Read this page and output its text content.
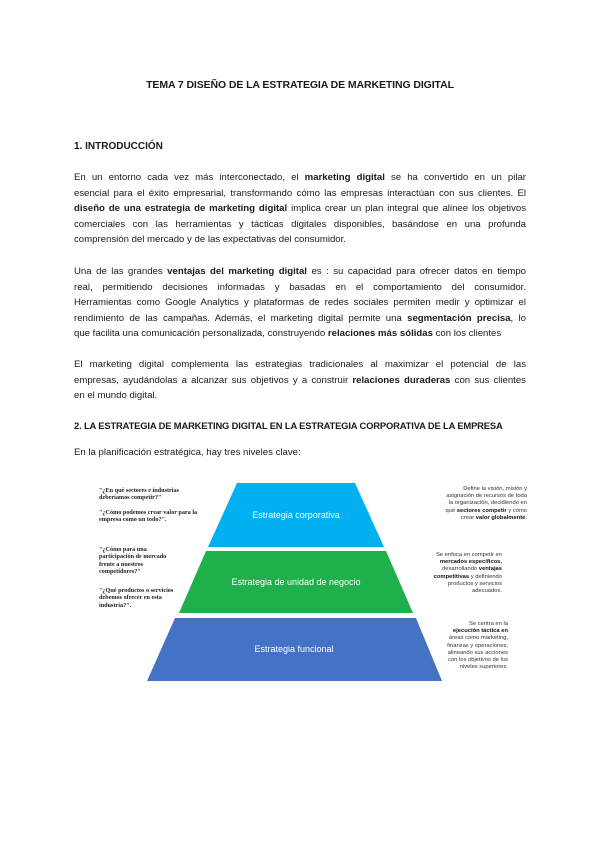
TEMA 7 DISEÑO DE LA ESTRATEGIA DE MARKETING DIGITAL
1. INTRODUCCIÓN
En un entorno cada vez más interconectado, el marketing digital se ha convertido en un pilar
esencial para el éxito empresarial, transformando cómo las empresas interactúan con sus clientes. El
diseño de una estrategia de marketing digital implica crear un plan integral que alinee los objetivos
comerciales con las herramientas y tácticas digitales disponibles, basándose en una profunda
comprensión del mercado y de las expectativas del consumidor.
Una de las grandes ventajas del marketing digital es : su capacidad para ofrecer datos en tiempo
real, permitiendo decisiones informadas y basadas en el comportamiento del consumidor.
Herramientas como Google Analytics y plataformas de redes sociales permiten medir y optimizar el
rendimiento de las campañas. Además, el marketing digital permite una segmentación precisa, lo
que facilita una comunicación personalizada, construyendo relaciones más sólidas con los clientes
El marketing digital complementa las estrategias tradicionales al maximizar el potencial de las
empresas, ayudándolas a alcanzar sus objetivos y a construir relaciones duraderas con sus clientes
en el mundo digital.
2. LA ESTRATEGIA DE MARKETING DIGITAL EN LA ESTRATEGIA CORPORATIVA DE LA EMPRESA
En la planificación estratégica, hay tres niveles clave:
Estrategia corporativa
Estrategia de unidad de negocio
Estrategia funcional
"¿En qué sectores e industrias
deberíamos competir?"
"¿Cómo podemos crear valor para la
empresa como un todo?".
"¿Cómo para una
participación de mercado
frente a nuestros
competidores?"
"¿Qué productos o servicios
debemos ofrecer en esta
industria?".
Define la visión, misión y
asignación de recursos de toda
la organización, decidiendo en
qué sectores competir y cómo
crear valor globalmente.
Se enfoca en competir en
mercados específicos,
desarrollando ventajas
competitivas y definiendo
productos y servicios
adecuados.
Se centra en la
ejecución táctica en
áreas como marketing,
finanzas y operaciones,
alineando sus acciones
con los objetivos de los
niveles superiores.
